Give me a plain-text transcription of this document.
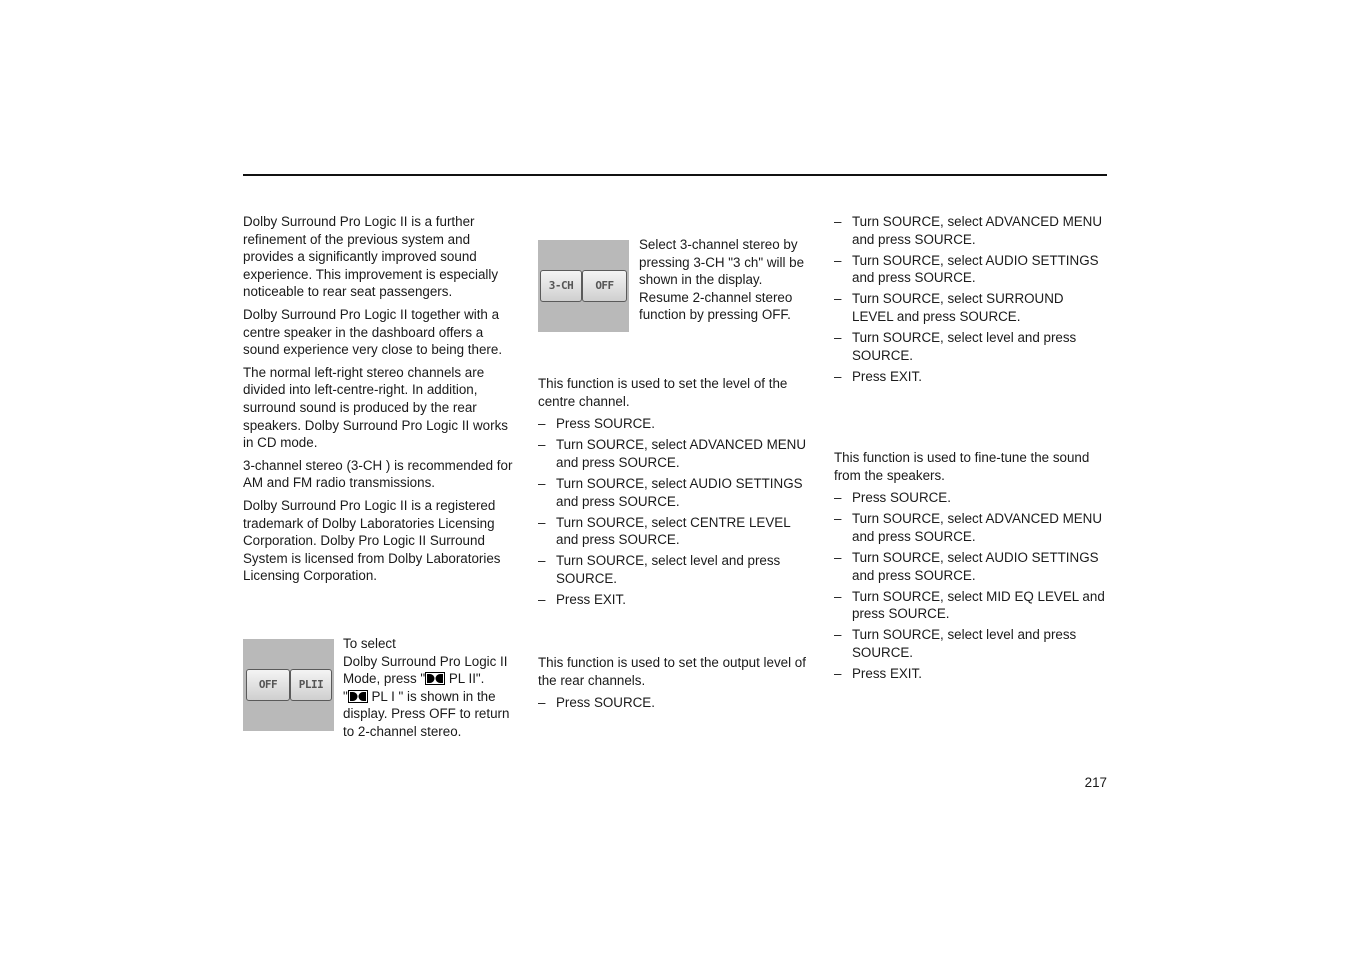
Dolby Surround Pro Logic II is a further refinement of the previous system and provides a significantly improved sound experience. This improvement is especially noticeable to rear seat passengers.

Dolby Surround Pro Logic II together with a centre speaker in the dashboard offers a sound experience very close to being there.

The normal left-right stereo channels are divided into left-centre-right. In addition, surround sound is produced by the rear speakers. Dolby Surround Pro Logic II works in CD mode.

3-channel stereo (3-CH ) is recommended for AM and FM radio transmissions.

Dolby Surround Pro Logic II is a registered trademark of Dolby Laboratories Licensing Corporation. Dolby Pro Logic II Surround System is licensed from Dolby Laboratories Licensing Corporation.

OFF	PLII
To select
Dolby Surround Pro Logic II
Mode, press " PL II".
" PL I " is shown in the
display. Press OFF to return
to 2-channel stereo.
3-CH	OFF
Select 3-channel stereo by pressing 3-CH "3 ch" will be shown in the display. Resume 2-channel stereo function by pressing OFF.

This function is used to set the level of the centre channel.

– Press SOURCE.
– Turn SOURCE, select ADVANCED MENU and press SOURCE.
– Turn SOURCE, select AUDIO SETTINGS and press SOURCE.
– Turn SOURCE, select CENTRE LEVEL and press SOURCE.
– Turn SOURCE, select level and press SOURCE.
– Press EXIT.

This function is used to set the output level of the rear channels.

– Press SOURCE.
– Turn SOURCE, select ADVANCED MENU and press SOURCE.
– Turn SOURCE, select AUDIO SETTINGS and press SOURCE.
– Turn SOURCE, select SURROUND LEVEL and press SOURCE.
– Turn SOURCE, select level and press SOURCE.
– Press EXIT.

This function is used to fine-tune the sound from the speakers.

– Press SOURCE.
– Turn SOURCE, select ADVANCED MENU and press SOURCE.
– Turn SOURCE, select AUDIO SETTINGS and press SOURCE.
– Turn SOURCE, select MID EQ LEVEL and press SOURCE.
– Turn SOURCE, select level and press SOURCE.
– Press EXIT.
217
